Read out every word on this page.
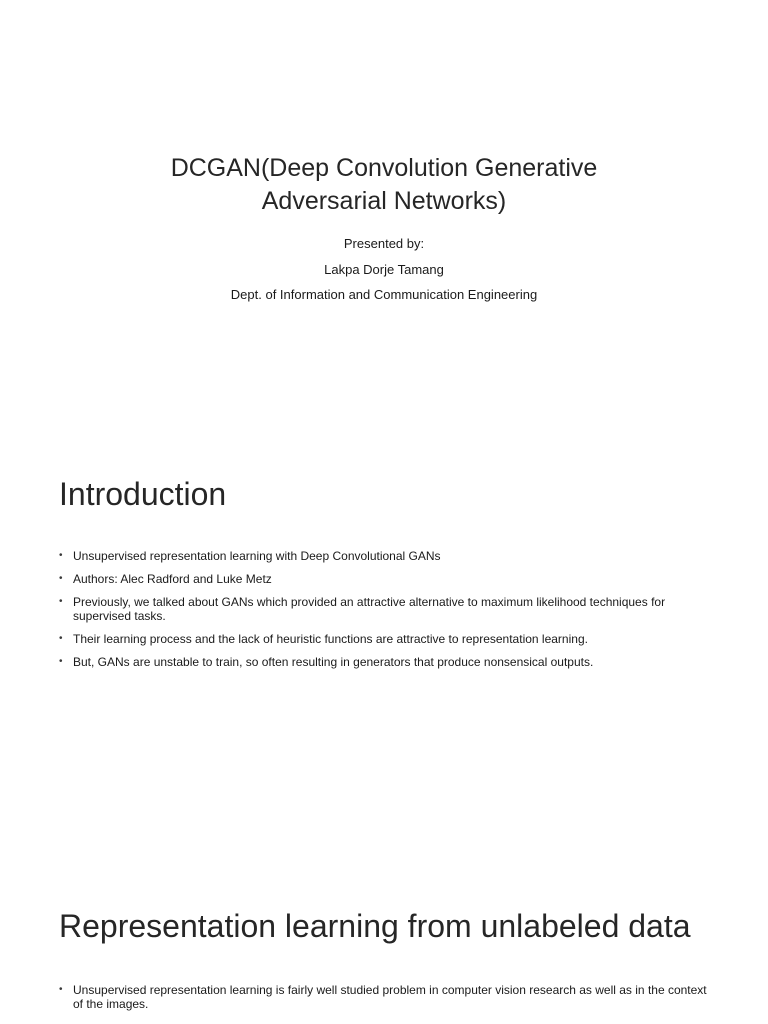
DCGAN(Deep Convolution Generative
Adversarial Networks)

Presented by:

Lakpa Dorje Tamang

Dept. of Information and Communication Engineering

Introduction
• Unsupervised representation learning with Deep Convolutional GANs
• Authors: Alec Radford and Luke Metz
• Previously, we talked about GANs which provided an attractive alternative to maximum likelihood techniques for supervised tasks.
• Their learning process and the lack of heuristic functions are attractive to representation learning.
• But, GANs are unstable to train, so often resulting in generators that produce nonsensical outputs.
Representation learning from unlabeled data
• Unsupervised representation learning is fairly well studied problem in computer vision research as well as in the context of the images.
